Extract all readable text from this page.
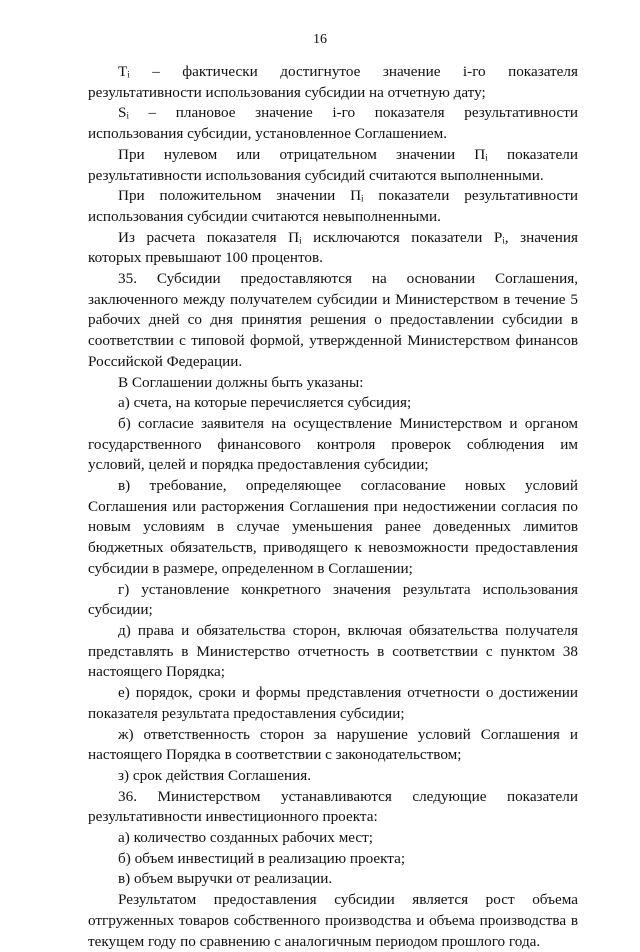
16

Tᵢ – фактически достигнутое значение i-го показателя результативности использования субсидии на отчетную дату;

Sᵢ – плановое значение i-го показателя результативности использования субсидии, установленное Соглашением.

При нулевом или отрицательном значении Пᵢ показатели результативности использования субсидий считаются выполненными.

При положительном значении Пᵢ показатели результативности использования субсидии считаются невыполненными.

Из расчета показателя Пᵢ исключаются показатели Рᵢ, значения которых превышают 100 процентов.

35. Субсидии предоставляются на основании Соглашения, заключенного между получателем субсидии и Министерством в течение 5 рабочих дней со дня принятия решения о предоставлении субсидии в соответствии с типовой формой, утвержденной Министерством финансов Российской Федерации.

В Соглашении должны быть указаны:

а) счета, на которые перечисляется субсидия;

б) согласие заявителя на осуществление Министерством и органом государственного финансового контроля проверок соблюдения им условий, целей и порядка предоставления субсидии;

в) требование, определяющее согласование новых условий Соглашения или расторжения Соглашения при недостижении согласия по новым условиям в случае уменьшения ранее доведенных лимитов бюджетных обязательств, приводящего к невозможности предоставления субсидии в размере, определенном в Соглашении;

г) установление конкретного значения результата использования субсидии;

д) права и обязательства сторон, включая обязательства получателя представлять в Министерство отчетность в соответствии с пунктом 38 настоящего Порядка;

е) порядок, сроки и формы представления отчетности о достижении показателя результата предоставления субсидии;

ж) ответственность сторон за нарушение условий Соглашения и настоящего Порядка в соответствии с законодательством;

з) срок действия Соглашения.

36. Министерством устанавливаются следующие показатели результативности инвестиционного проекта:

а) количество созданных рабочих мест;

б) объем инвестиций в реализацию проекта;

в) объем выручки от реализации.

Результатом предоставления субсидии является рост объема отгруженных товаров собственного производства и объема производства в текущем году по сравнению с аналогичным периодом прошлого года.
